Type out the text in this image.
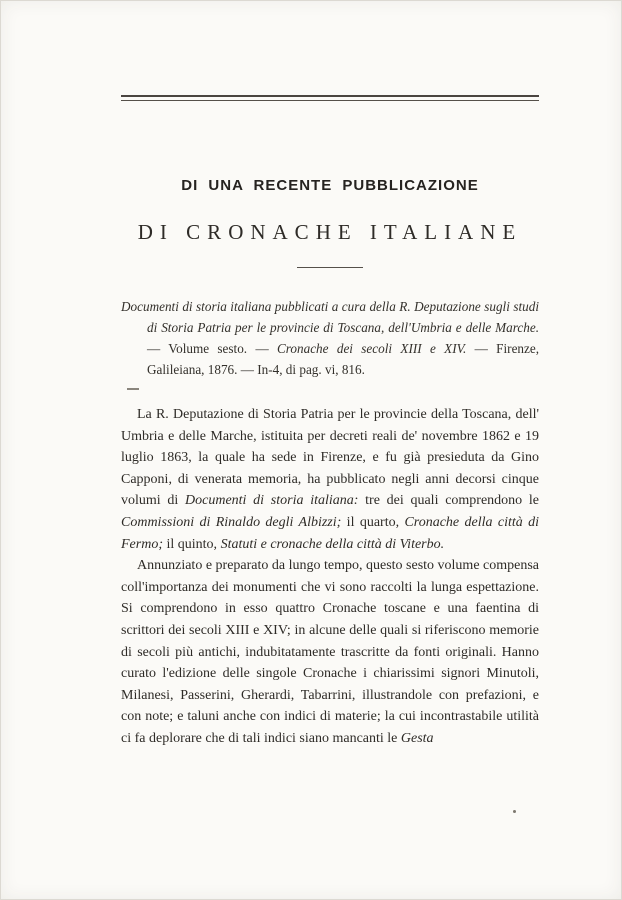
DI UNA RECENTE PUBBLICAZIONE
DI CRONACHE ITALIANE

Documenti di storia italiana pubblicati a cura della R. Deputazione sugli studi di Storia Patria per le provincie di Toscana, dell'Umbria e delle Marche. — Volume sesto. — Cronache dei secoli XIII e XIV. — Firenze, Galileiana, 1876. — In-4, di pag. vi, 816.

La R. Deputazione di Storia Patria per le provincie della Toscana, dell' Umbria e delle Marche, istituita per decreti reali de' novembre 1862 e 19 luglio 1863, la quale ha sede in Firenze, e fu già presieduta da Gino Capponi, di venerata memoria, ha pubblicato negli anni decorsi cinque volumi di Documenti di storia italiana: tre dei quali comprendono le Commissioni di Rinaldo degli Albizzi; il quarto, Cronache della città di Fermo; il quinto, Statuti e cronache della città di Viterbo.

Annunziato e preparato da lungo tempo, questo sesto volume compensa coll'importanza dei monumenti che vi sono raccolti la lunga espettazione. Si comprendono in esso quattro Cronache toscane e una faentina di scrittori dei secoli XIII e XIV; in alcune delle quali si riferiscono memorie di secoli più antichi, indubitatamente trascritte da fonti originali. Hanno curato l'edizione delle singole Cronache i chiarissimi signori Minutoli, Milanesi, Passerini, Gherardi, Tabarrini, illustrandole con prefazioni, e con note; e taluni anche con indici di materie; la cui incontrastabile utilità ci fa deplorare che di tali indici siano mancanti le Gesta
